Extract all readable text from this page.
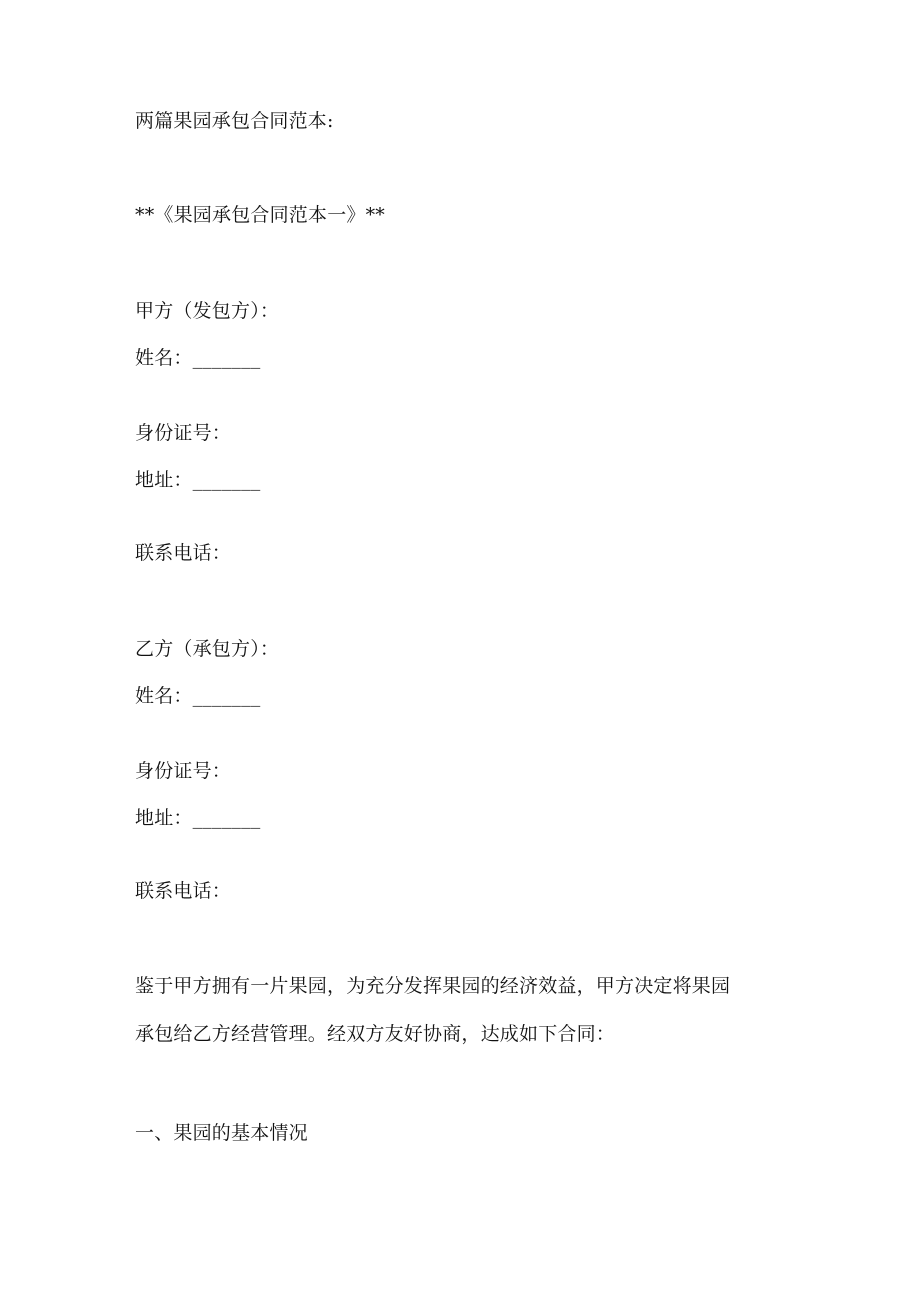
两篇果园承包合同范本:
**《果园承包合同范本一》**
甲方（发包方）：
姓名：_______
身份证号：
地址：_______
联系电话：
乙方（承包方）：
姓名：_______
身份证号：
地址：_______
联系电话：
鉴于甲方拥有一片果园，为充分发挥果园的经济效益，甲方决定将果园
承包给乙方经营管理。经双方友好协商，达成如下合同：
一、果园的基本情况
